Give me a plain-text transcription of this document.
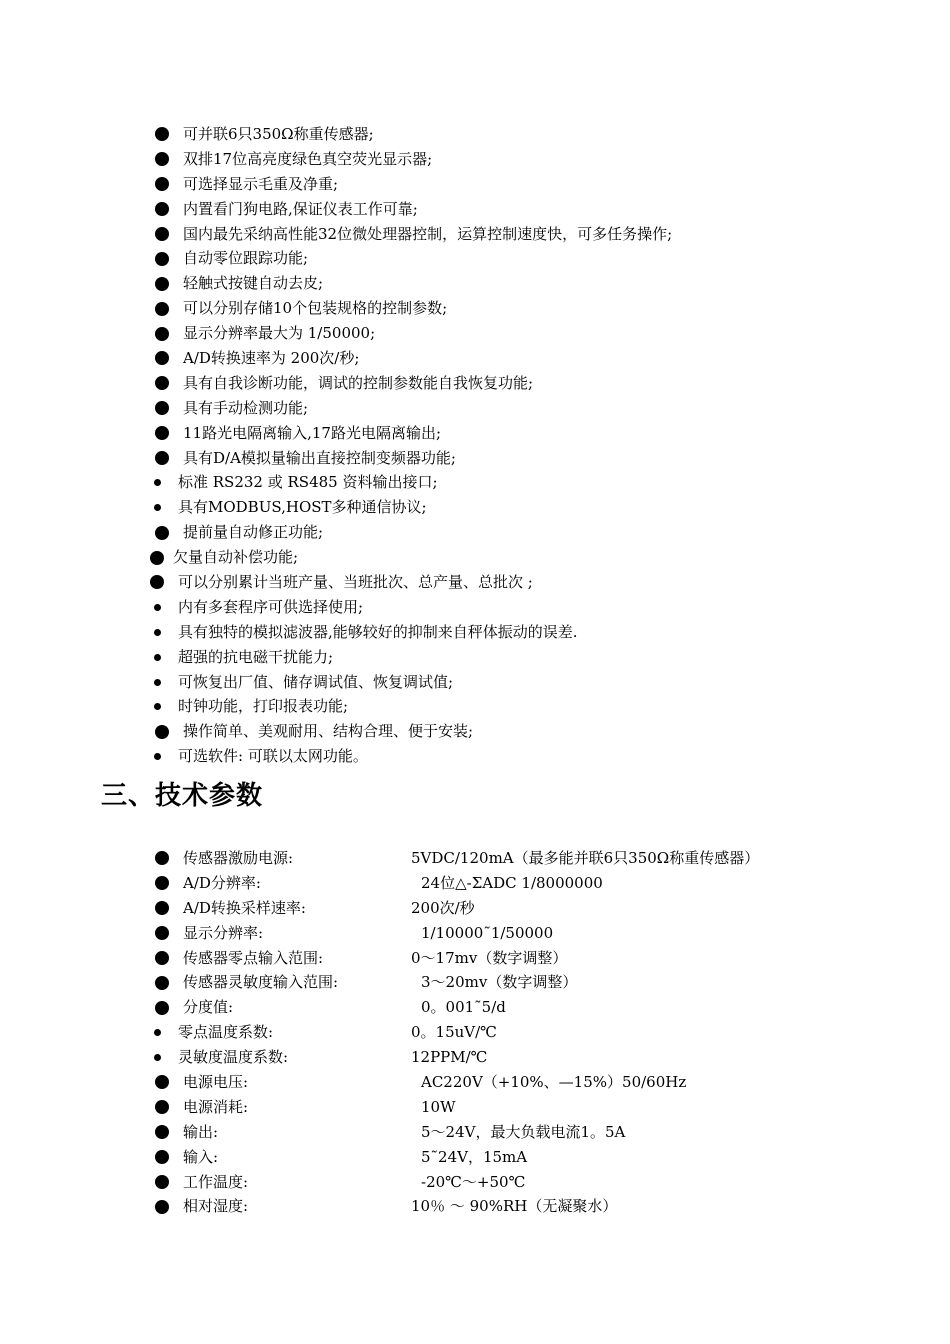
可并联6只350Ω称重传感器;
双排17位高亮度绿色真空荧光显示器;
可选择显示毛重及净重;
内置看门狗电路,保证仪表工作可靠;
国内最先采纳高性能32位微处理器控制，运算控制速度快，可多任务操作;
自动零位跟踪功能;
轻触式按键自动去皮;
可以分别存储10个包装规格的控制参数;
显示分辨率最大为 1/50000;
A/D转换速率为 200次/秒;
具有自我诊断功能，调试的控制参数能自我恢复功能;
具有手动检测功能;
11路光电隔离输入,17路光电隔离输出;
具有D/A模拟量输出直接控制变频器功能;
标准 RS232 或 RS485 资料输出接口;
具有MODBUS,HOST多种通信协议;
提前量自动修正功能;
欠量自动补偿功能;
可以分别累计当班产量、当班批次、总产量、总批次 ;
内有多套程序可供选择使用;
具有独特的模拟滤波器,能够较好的抑制来自秤体振动的误差.
超强的抗电磁干扰能力;
可恢复出厂值、储存调试值、恢复调试值;
时钟功能，打印报表功能;
操作简单、美观耐用、结构合理、便于安装;
可选软件: 可联以太网功能。
三、技术参数
传感器激励电源:	5VDC/120mA（最多能并联6只350Ω称重传感器）
A/D分辨率:	24位△-ΣADC 1/8000000
A/D转换采样速率:	200次/秒
显示分辨率:	1/10000˜1/50000
传感器零点输入范围:	0～17mv（数字调整）
传感器灵敏度输入范围:	3～20mv（数字调整）
分度值:	0。001˜5/d
零点温度系数:	0。15uV/℃
灵敏度温度系数:	12PPM/℃
电源电压:	AC220V（+10%、—15%）50/60Hz
电源消耗:	10W
输出:	5～24V，最大负载电流1。5A
输入:	5˜24V，15mA
工作温度:	-20℃～+50℃
相对湿度:	10％ ～ 90%RH（无凝聚水）
